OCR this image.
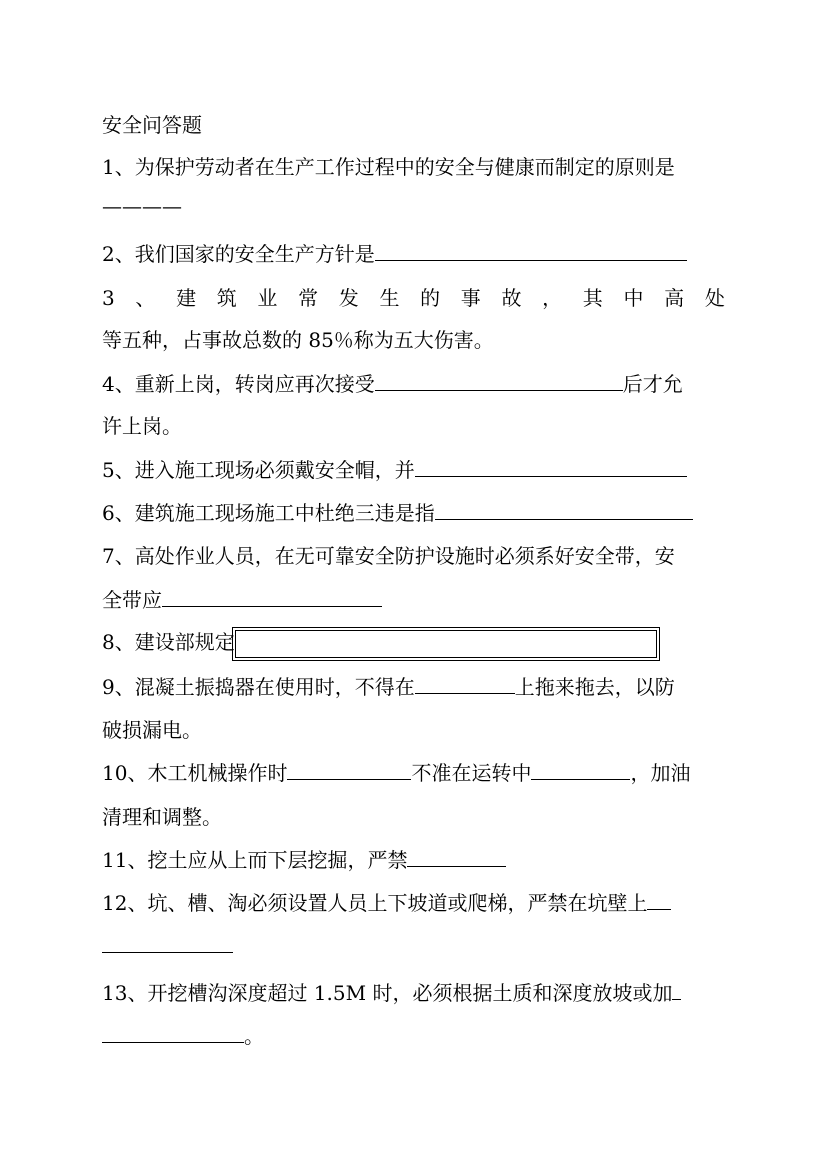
安全问答题
1、为保护劳动者在生产工作过程中的安全与健康而制定的原则是
————
2、我们国家的安全生产方针是
3 、 建 筑 业 常 发 生 的 事 故 ， 其 中 高 处
等五种，占事故总数的 85％称为五大伤害。
4、重新上岗，转岗应再次接受	后才允
许上岗。
5、进入施工现场必须戴安全帽，并
6、建筑施工现场施工中杜绝三违是指
7、高处作业人员，在无可靠安全防护设施时必须系好安全带，安
全带应
8、建设部规定
9、混凝土振捣器在使用时，不得在	上拖来拖去，以防
破损漏电。
10、木工机械操作时	不准在运转中	，加油
清理和调整。
11、挖土应从上而下层挖掘，严禁
12、坑、槽、淘必须设置人员上下坡道或爬梯，严禁在坑壁上
13、开挖槽沟深度超过 1.5M 时，必须根据土质和深度放坡或加
。
